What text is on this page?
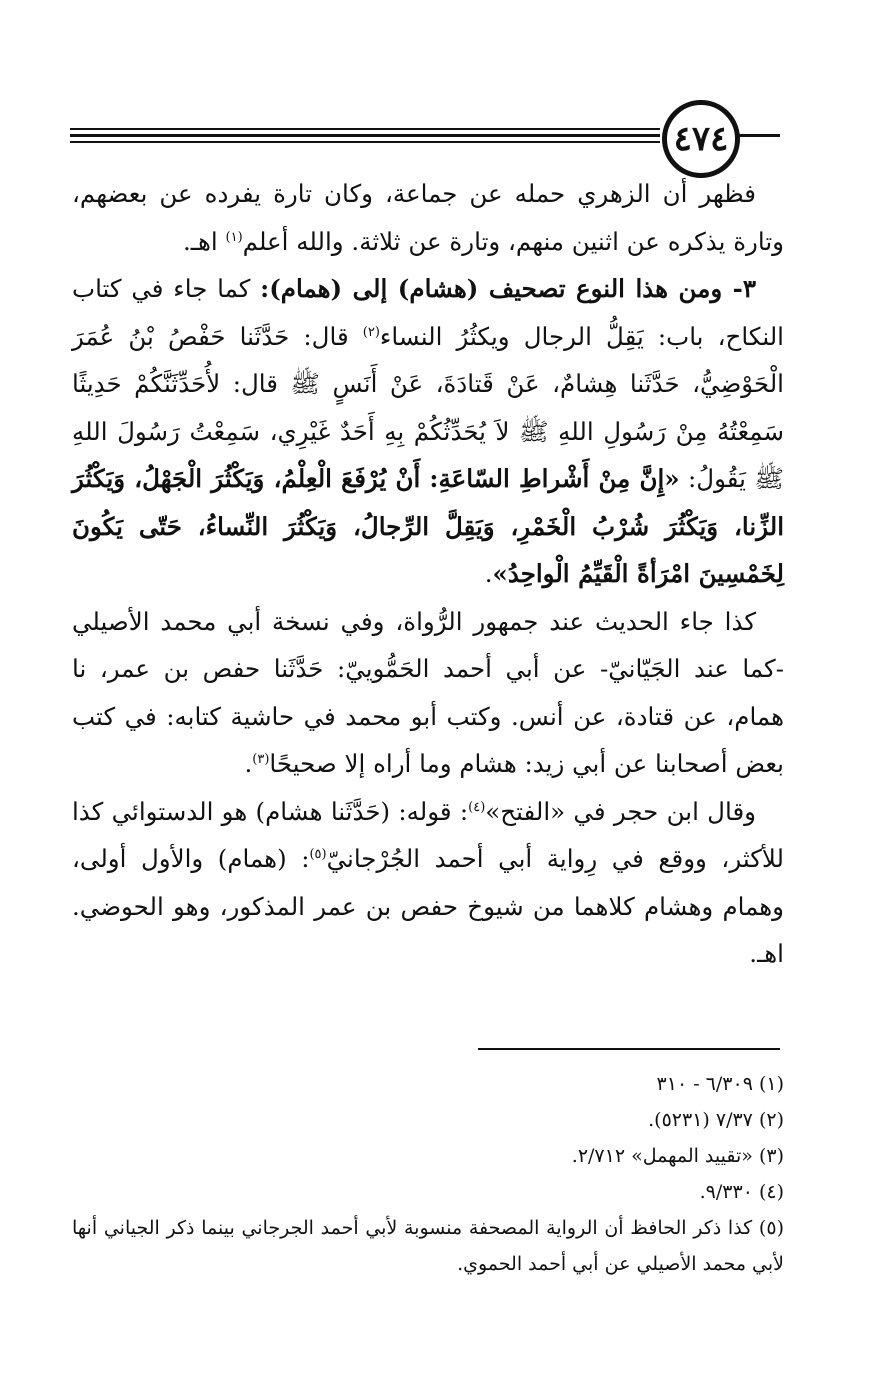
٤٧٤

فظهر أن الزهري حمله عن جماعة، وكان تارة يفرده عن بعضهم، وتارة يذكره عن اثنين منهم، وتارة عن ثلاثة. والله أعلم$^{(١)}$ اهـ.

٣- ومن هذا النوع تصحيف (هشام) إلى (همام): كما جاء في كتاب النكاح، باب: يَقِلُّ الرجال ويكثُرُ النساء$^{(٢)}$ قال: حَدَّثَنا حَفْصُ بْنُ عُمَرَ الْحَوْضِيُّ، حَدَّثَنا هِشامٌ، عَنْ قَتادَةَ، عَنْ أَنَسٍ ﷺ قال: لأُحَدِّثَنَّكُمْ حَدِيثًا سَمِعْتُهُ مِنْ رَسُولِ اللهِ ﷺ لاَ يُحَدِّثُكُمْ بِهِ أَحَدٌ غَيْرِي، سَمِعْتُ رَسُولَ اللهِ ﷺ يَقُولُ: «إِنَّ مِنْ أَشْراطِ السّاعَةِ: أَنْ يُرْفَعَ الْعِلْمُ، وَيَكْثُرَ الْجَهْلُ، وَيَكْثُرَ الزِّنا، وَيَكْثُرَ شُرْبُ الْخَمْرِ، وَيَقِلَّ الرِّجالُ، وَيَكْثُرَ النِّساءُ، حَتّى يَكُونَ لِخَمْسِينَ امْرَأةً الْقَيِّمُ الْواحِدُ».

كذا جاء الحديث عند جمهور الرُّواة، وفي نسخة أبي محمد الأصيلي -كما عند الجَيّانيّ- عن أبي أحمد الحَمُّوييّ: حَدَّثَنا حفص بن عمر، نا همام، عن قتادة، عن أنس. وكتب أبو محمد في حاشية كتابه: في كتب بعض أصحابنا عن أبي زيد: هشام وما أراه إلا صحيحًا$^{(٣)}$.

وقال ابن حجر في «الفتح»$^{(٤)}$: قوله: (حَدَّثَنا هشام) هو الدستوائي كذا للأكثر، ووقع في رِواية أبي أحمد الجُرْجانيّ$^{(٥)}$: (همام) والأول أولى، وهمام وهشام كلاهما من شيوخ حفص بن عمر المذكور، وهو الحوضي. اهـ.

(١) ٦/٣٠٩ - ٣١٠

(٢) ٧/٣٧ (٥٢٣١).

(٣) «تقييد المهمل» ٢/٧١٢.

(٤) ٩/٣٣٠.

(٥) كذا ذكر الحافظ أن الرواية المصحفة منسوبة لأبي أحمد الجرجاني بينما ذكر الجياني أنها لأبي محمد الأصيلي عن أبي أحمد الحموي.
